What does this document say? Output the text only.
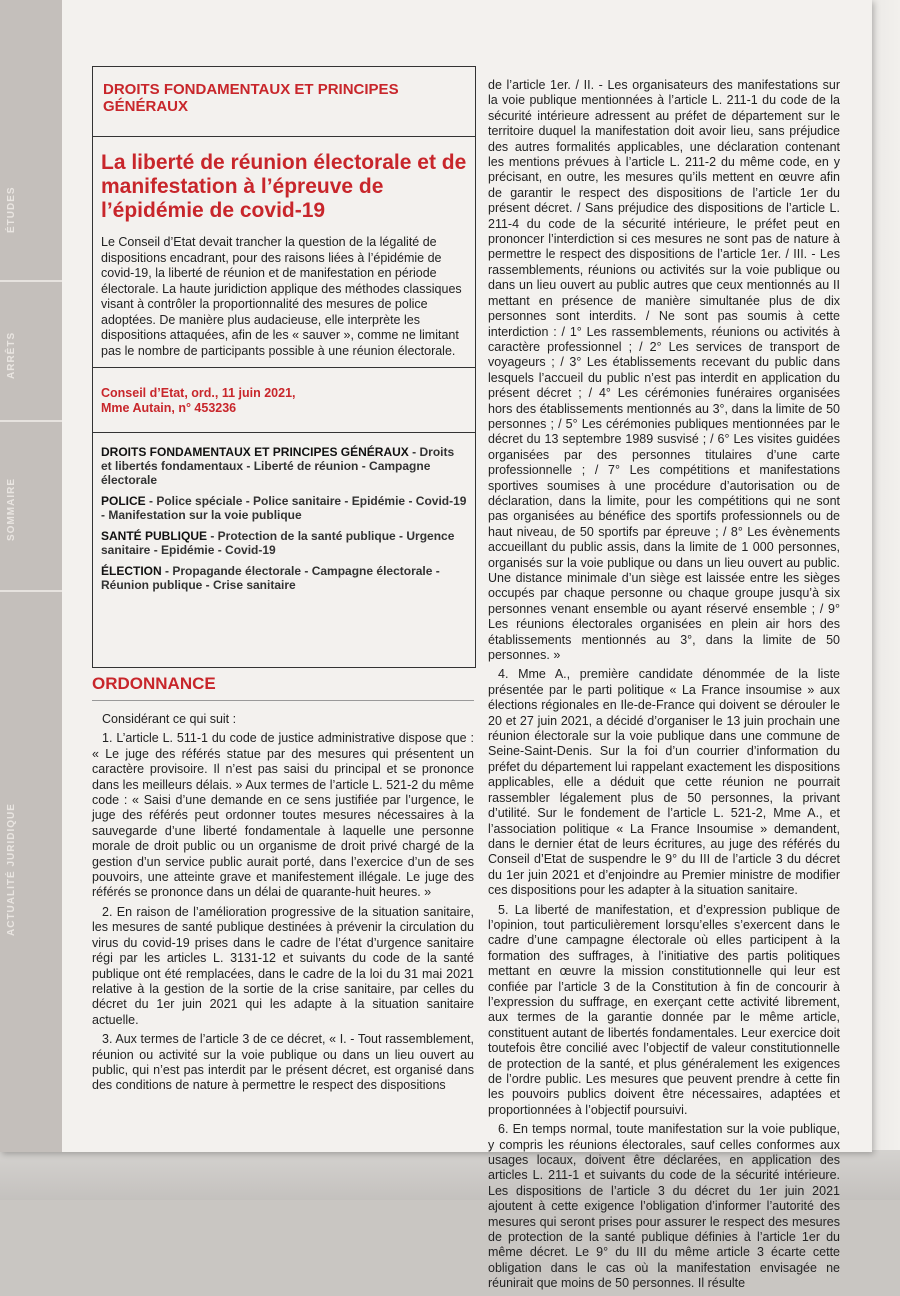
ÉTUDES
ARRÊTS
SOMMAIRE
ACTUALITÉ JURIDIQUE
DROITS FONDAMENTAUX ET PRINCIPES GÉNÉRAUX
La liberté de réunion électorale et de manifestation à l’épreuve de l’épidémie de covid-19

Le Conseil d’Etat devait trancher la question de la légalité de dispositions encadrant, pour des raisons liées à l’épidémie de covid-19, la liberté de réunion et de manifestation en période électorale. La haute juridiction applique des méthodes classiques visant à contrôler la proportionnalité des mesures de police adoptées. De manière plus audacieuse, elle interprète les dispositions attaquées, afin de les « sauver », comme ne limitant pas le nombre de participants possible à une réunion électorale.

Conseil d’Etat, ord., 11 juin 2021,

Mme Autain, n° 453236

DROITS FONDAMENTAUX ET PRINCIPES GÉNÉRAUX - Droits et libertés fondamentaux - Liberté de réunion - Campagne électorale

POLICE - Police spéciale - Police sanitaire - Epidémie - Covid-19 - Manifestation sur la voie publique

SANTÉ PUBLIQUE - Protection de la santé publique - Urgence sanitaire - Epidémie - Covid-19

ÉLECTION - Propagande électorale - Campagne électorale - Réunion publique - Crise sanitaire

ORDONNANCE

Considérant ce qui suit :

1. L’article L. 511-1 du code de justice administrative dispose que : « Le juge des référés statue par des mesures qui présentent un caractère provisoire. Il n’est pas saisi du principal et se prononce dans les meilleurs délais. » Aux termes de l’article L. 521-2 du même code : « Saisi d’une demande en ce sens justifiée par l’urgence, le juge des référés peut ordonner toutes mesures nécessaires à la sauvegarde d’une liberté fondamentale à laquelle une personne morale de droit public ou un organisme de droit privé chargé de la gestion d’un service public aurait porté, dans l’exercice d’un de ses pouvoirs, une atteinte grave et manifestement illégale. Le juge des référés se prononce dans un délai de quarante-huit heures. »

2. En raison de l’amélioration progressive de la situation sanitaire, les mesures de santé publique destinées à prévenir la circulation du virus du covid-19 prises dans le cadre de l’état d’urgence sanitaire régi par les articles L. 3131-12 et suivants du code de la santé publique ont été remplacées, dans le cadre de la loi du 31 mai 2021 relative à la gestion de la sortie de la crise sanitaire, par celles du décret du 1er juin 2021 qui les adapte à la situation sanitaire actuelle.

3. Aux termes de l’article 3 de ce décret, « I. - Tout rassemblement, réunion ou activité sur la voie publique ou dans un lieu ouvert au public, qui n’est pas interdit par le présent décret, est organisé dans des conditions de nature à permettre le respect des dispositions

de l’article 1er. / II. - Les organisateurs des manifestations sur la voie publique mentionnées à l’article L. 211-1 du code de la sécurité intérieure adressent au préfet de département sur le territoire duquel la manifestation doit avoir lieu, sans préjudice des autres formalités applicables, une déclaration contenant les mentions prévues à l’article L. 211-2 du même code, en y précisant, en outre, les mesures qu’ils mettent en œuvre afin de garantir le respect des dispositions de l’article 1er du présent décret. / Sans préjudice des dispositions de l’article L. 211-4 du code de la sécurité intérieure, le préfet peut en prononcer l’interdiction si ces mesures ne sont pas de nature à permettre le respect des dispositions de l’article 1er. / III. - Les rassemblements, réunions ou activités sur la voie publique ou dans un lieu ouvert au public autres que ceux mentionnés au II mettant en présence de manière simultanée plus de dix personnes sont interdits. / Ne sont pas soumis à cette interdiction : / 1° Les rassemblements, réunions ou activités à caractère professionnel ; / 2° Les services de transport de voyageurs ; / 3° Les établissements recevant du public dans lesquels l’accueil du public n’est pas interdit en application du présent décret ; / 4° Les cérémonies funéraires organisées hors des établissements mentionnés au 3°, dans la limite de 50 personnes ; / 5° Les cérémonies publiques mentionnées par le décret du 13 septembre 1989 susvisé ; / 6° Les visites guidées organisées par des personnes titulaires d’une carte professionnelle ; / 7° Les compétitions et manifestations sportives soumises à une procédure d’autorisation ou de déclaration, dans la limite, pour les compétitions qui ne sont pas organisées au bénéfice des sportifs professionnels ou de haut niveau, de 50 sportifs par épreuve ; / 8° Les évènements accueillant du public assis, dans la limite de 1 000 personnes, organisés sur la voie publique ou dans un lieu ouvert au public. Une distance minimale d’un siège est laissée entre les sièges occupés par chaque personne ou chaque groupe jusqu’à six personnes venant ensemble ou ayant réservé ensemble ; / 9° Les réunions électorales organisées en plein air hors des établissements mentionnés au 3°, dans la limite de 50 personnes. »

4. Mme A., première candidate dénommée de la liste présentée par le parti politique « La France insoumise » aux élections régionales en Ile-de-France qui doivent se dérouler le 20 et 27 juin 2021, a décidé d’organiser le 13 juin prochain une réunion électorale sur la voie publique dans une commune de Seine-Saint-Denis. Sur la foi d’un courrier d’information du préfet du département lui rappelant exactement les dispositions applicables, elle a déduit que cette réunion ne pourrait rassembler légalement plus de 50 personnes, la privant d’utilité. Sur le fondement de l’article L. 521-2, Mme A., et l’association politique « La France Insoumise » demandent, dans le dernier état de leurs écritures, au juge des référés du Conseil d’Etat de suspendre le 9° du III de l’article 3 du décret du 1er juin 2021 et d’enjoindre au Premier ministre de modifier ces dispositions pour les adapter à la situation sanitaire.

5. La liberté de manifestation, et d’expression publique de l’opinion, tout particulièrement lorsqu’elles s’exercent dans le cadre d’une campagne électorale où elles participent à la formation des suffrages, à l’initiative des partis politiques mettant en œuvre la mission constitutionnelle qui leur est confiée par l’article 3 de la Constitution à fin de concourir à l’expression du suffrage, en exerçant cette activité librement, aux termes de la garantie donnée par le même article, constituent autant de libertés fondamentales. Leur exercice doit toutefois être concilié avec l’objectif de valeur constitutionnelle de protection de la santé, et plus généralement les exigences de l’ordre public. Les mesures que peuvent prendre à cette fin les pouvoirs publics doivent être nécessaires, adaptées et proportionnées à l’objectif poursuivi.

6. En temps normal, toute manifestation sur la voie publique, y compris les réunions électorales, sauf celles conformes aux usages locaux, doivent être déclarées, en application des articles L. 211-1 et suivants du code de la sécurité intérieure. Les dispositions de l’article 3 du décret du 1er juin 2021 ajoutent à cette exigence l’obligation d’informer l’autorité des mesures qui seront prises pour assurer le respect des mesures de protection de la santé publique définies à l’article 1er du même décret. Le 9° du III du même article 3 écarte cette obligation dans le cas où la manifestation envisagée ne réunirait que moins de 50 personnes. Il résulte
